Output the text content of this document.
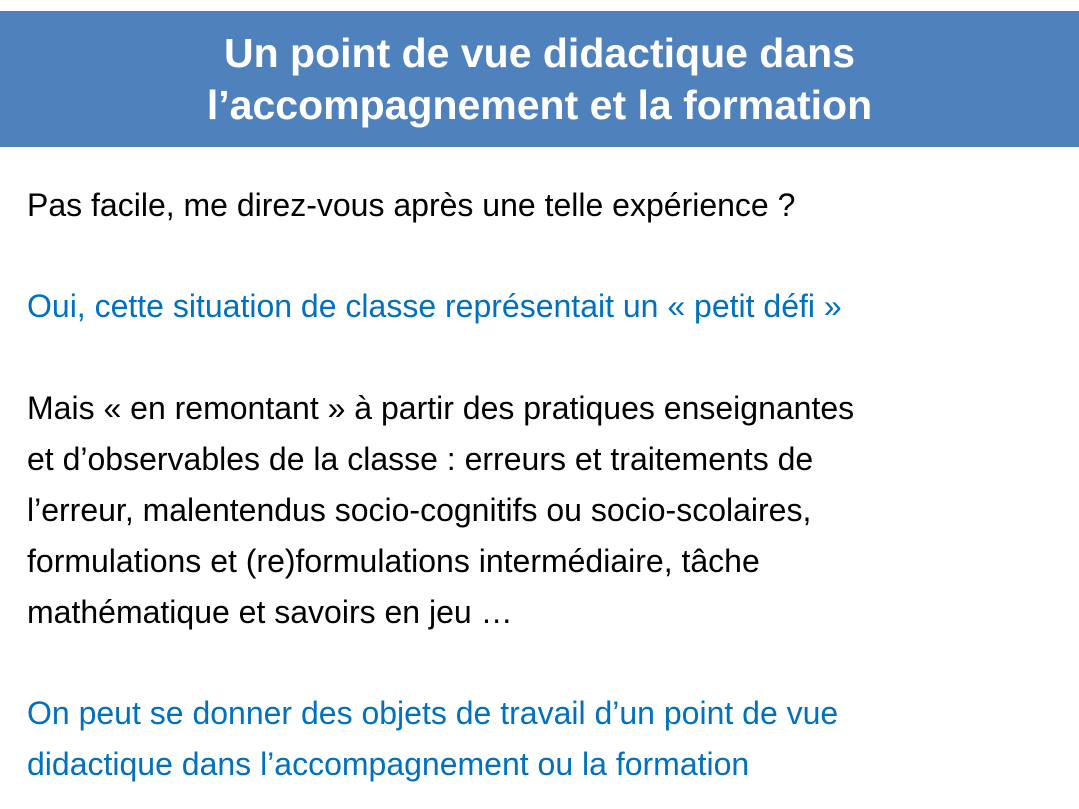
Un point de vue didactique dans
l’accompagnement et la formation
Pas facile, me direz-vous après une telle expérience ?
Oui, cette situation de classe représentait un « petit défi »
Mais « en remontant » à partir des pratiques enseignantes
et d’observables de la classe : erreurs et traitements de
l’erreur, malentendus socio-cognitifs ou socio-scolaires,
formulations et (re)formulations intermédiaire, tâche
mathématique et savoirs en jeu …
On peut se donner des objets de travail d’un point de vue
didactique dans l’accompagnement ou la formation
